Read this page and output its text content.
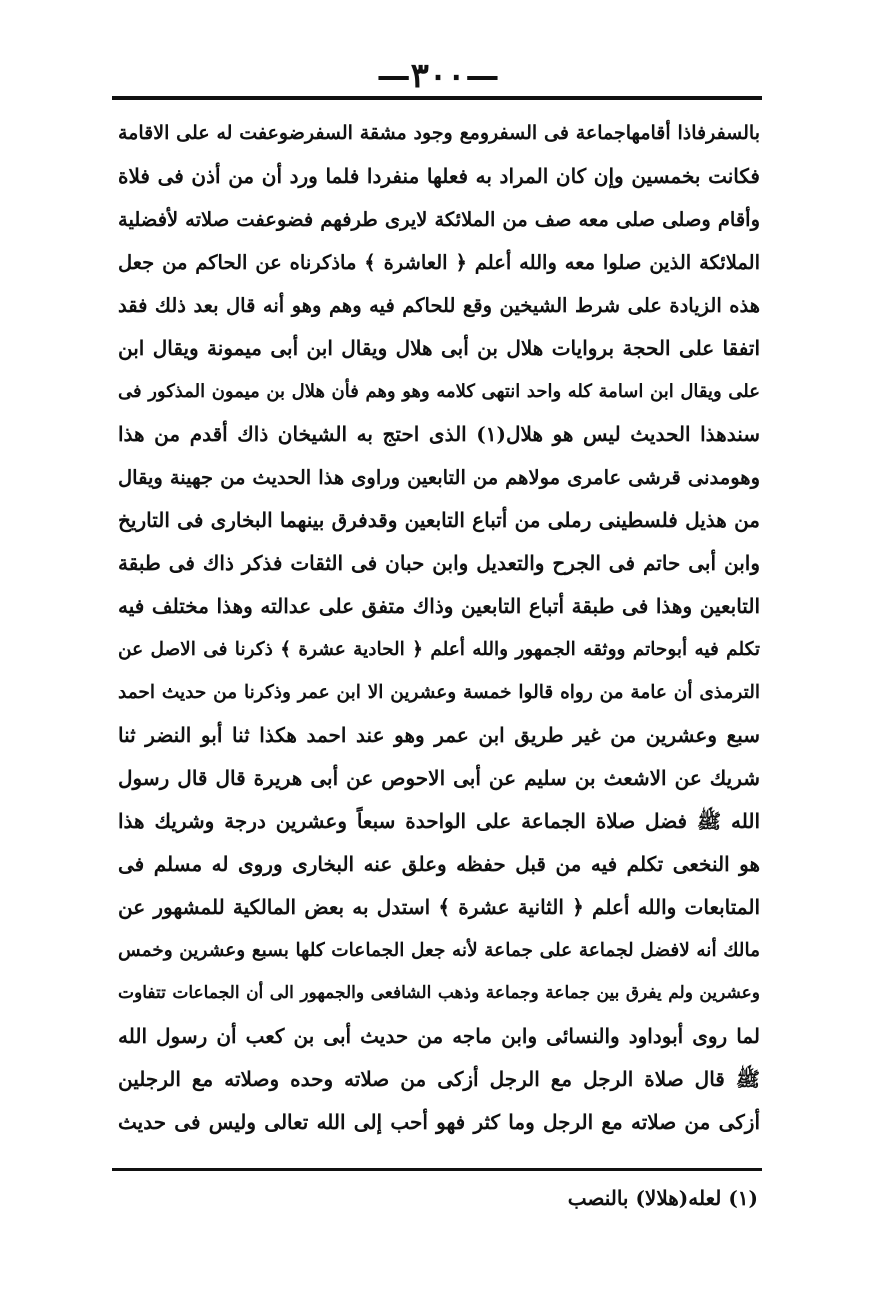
—٣٠٠—
بالسفرفاذا أقامهاجماعة فى السفرومع وجود مشقة السفرضوعفت له على الاقامة
فكانت بخمسين وإن كان المراد به فعلها منفردا فلما ورد أن من أذن فى فلاة
وأقام وصلى صلى معه صف من الملائكة لايرى طرفهم فضوعفت صلاته لأفضلية
الملائكة الذين صلوا معه والله أعلم ﴿ العاشرة ﴾ ماذكرناه عن الحاكم من جعل
هذه الزيادة على شرط الشيخين وقع للحاكم فيه وهم وهو أنه قال بعد ذلك فقد
اتفقا على الحجة بروايات هلال بن أبى هلال ويقال ابن أبى ميمونة ويقال ابن
على ويقال ابن اسامة كله واحد انتهى كلامه وهو وهم فأن هلال بن ميمون المذكور فى
سندهذا الحديث ليس هو هلال(١) الذى احتج به الشيخان ذاك أقدم من هذا
وهومدنى قرشى عامرى مولاهم من التابعين وراوى هذا الحديث من جهينة ويقال
من هذيل فلسطينى رملى من أتباع التابعين وقدفرق بينهما البخارى فى التاريخ
وابن أبى حاتم فى الجرح والتعديل وابن حبان فى الثقات فذكر ذاك فى طبقة
التابعين وهذا فى طبقة أتباع التابعين وذاك متفق على عدالته وهذا مختلف فيه
تكلم فيه أبوحاتم ووثقه الجمهور والله أعلم ﴿ الحادية عشرة ﴾ ذكرنا فى الاصل عن
الترمذى أن عامة من رواه قالوا خمسة وعشرين الا ابن عمر وذكرنا من حديث احمد
سبع وعشرين من غير طريق ابن عمر وهو عند احمد هكذا ثنا أبو النضر ثنا
شريك عن الاشعث بن سليم عن أبى الاحوص عن أبى هريرة قال قال رسول
الله ﷺ فضل صلاة الجماعة على الواحدة سبعاً وعشرين درجة وشريك هذا
هو النخعى تكلم فيه من قبل حفظه وعلق عنه البخارى وروى له مسلم فى
المتابعات والله أعلم ﴿ الثانية عشرة ﴾ استدل به بعض المالكية للمشهور عن
مالك أنه لافضل لجماعة على جماعة لأنه جعل الجماعات كلها بسبع وعشرين وخمس
وعشرين ولم يفرق بين جماعة وجماعة وذهب الشافعى والجمهور الى أن الجماعات تتفاوت
لما روى أبوداود والنسائى وابن ماجه من حديث أبى بن كعب أن رسول الله
ﷺ قال صلاة الرجل مع الرجل أزكى من صلاته وحده وصلاته مع الرجلين
أزكى من صلاته مع الرجل وما كثر فهو أحب إلى الله تعالى وليس فى حديث
(١) لعله(هلالا) بالنصب
